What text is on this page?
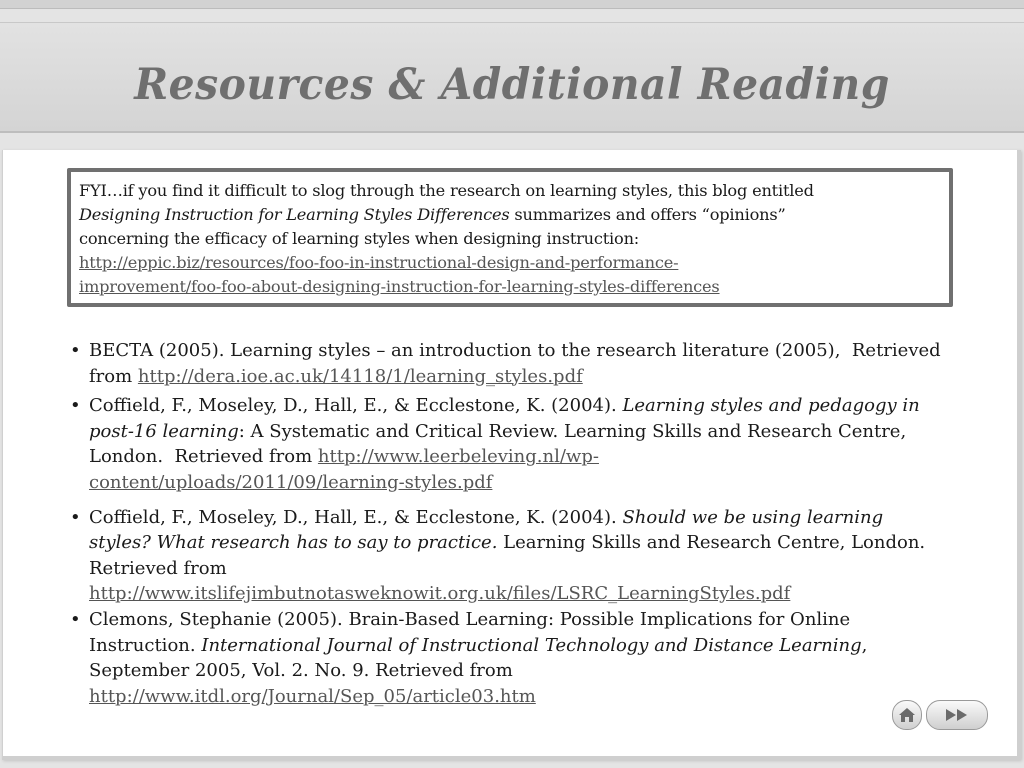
Resources & Additional Reading
FYI…if you find it difficult to slog through the research on learning styles, this blog entitled
Designing Instruction for Learning Styles Differences summarizes and offers “opinions”
concerning the efficacy of learning styles when designing instruction:
http://eppic.biz/resources/foo-foo-in-instructional-design-and-performance-
improvement/foo-foo-about-designing-instruction-for-learning-styles-differences
• BECTA (2005). Learning styles – an introduction to the research literature (2005),  Retrieved
from http://dera.ioe.ac.uk/14118/1/learning_styles.pdf
• Coffield, F., Moseley, D., Hall, E., & Ecclestone, K. (2004). Learning styles and pedagogy in
post-16 learning: A Systematic and Critical Review. Learning Skills and Research Centre,
London.  Retrieved from http://www.leerbeleving.nl/wp-
content/uploads/2011/09/learning-styles.pdf
• Coffield, F., Moseley, D., Hall, E., & Ecclestone, K. (2004). Should we be using learning
styles? What research has to say to practice. Learning Skills and Research Centre, London.
Retrieved from
http://www.itslifejimbutnotasweknowit.org.uk/files/LSRC_LearningStyles.pdf
• Clemons, Stephanie (2005). Brain-Based Learning: Possible Implications for Online
Instruction. International Journal of Instructional Technology and Distance Learning,
September 2005, Vol. 2. No. 9. Retrieved from
http://www.itdl.org/Journal/Sep_05/article03.htm
